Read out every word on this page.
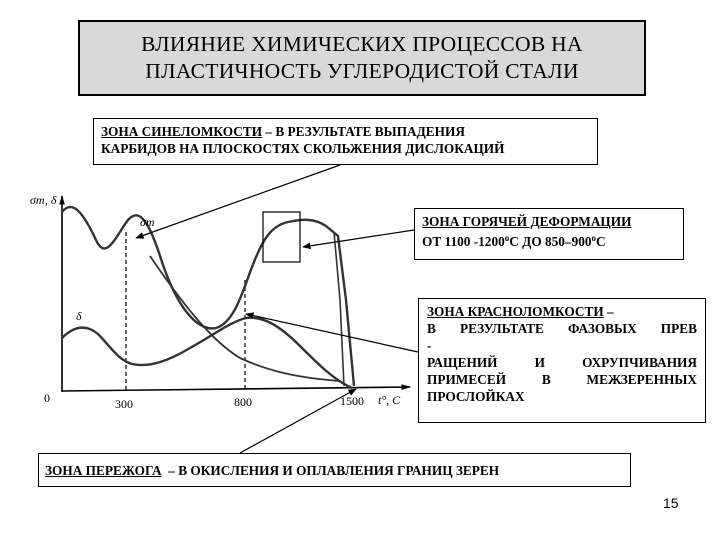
ВЛИЯНИЕ ХИМИЧЕСКИХ ПРОЦЕССОВ НА
ПЛАСТИЧНОСТЬ УГЛЕРОДИСТОЙ СТАЛИ
σт, δ
t°, C
0	300	800	1500
σт
δ
ЗОНА СИНЕЛОМКОСТИ – В РЕЗУЛЬТАТЕ ВЫПАДЕНИЯ
КАРБИДОВ НА ПЛОСКОСТЯХ СКОЛЬЖЕНИЯ ДИСЛОКАЦИЙ
ЗОНА ГОРЯЧЕЙ ДЕФОРМАЦИИ
ОТ 1100 $-1200^оС$ ДО $850-900^оС$
ЗОНА КРАСНОЛОМКОСТИ –
В РЕЗУЛЬТАТЕ ФАЗОВЫХ ПРЕВ
-
РАЩЕНИЙ И ОХРУПЧИВАНИЯ
ПРИМЕСЕЙ В МЕЖЗЕРЕННЫХ
ПРОСЛОЙКАХ
ЗОНА ПЕРЕЖОГА – В ОКИСЛЕНИЯ И ОПЛАВЛЕНИЯ ГРАНИЦ ЗЕРЕН
15
